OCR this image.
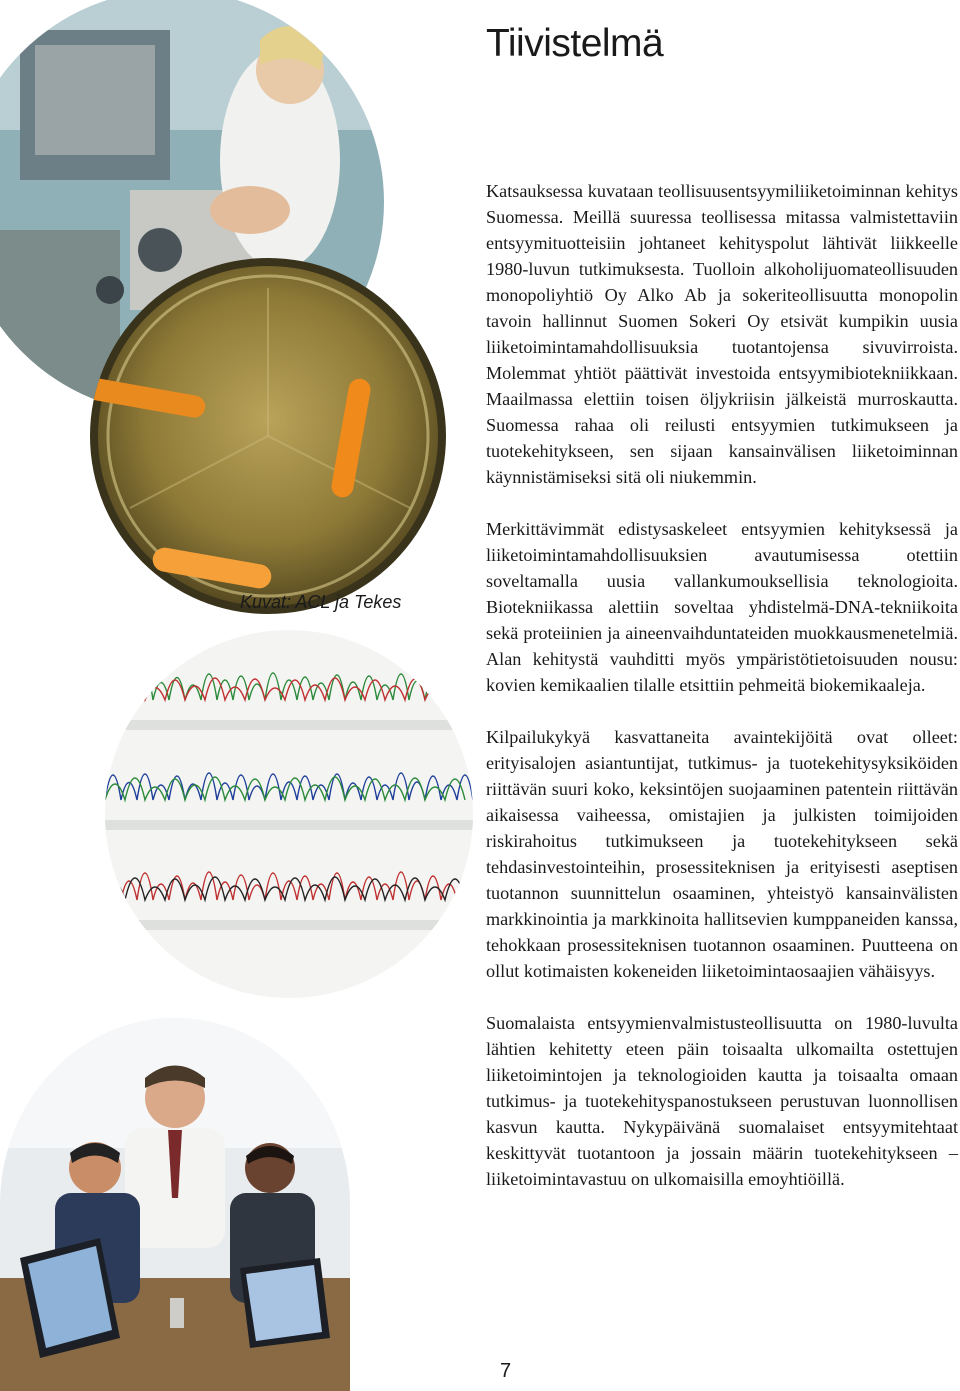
Tiivistelmä
Kuvat: ACL ja Tekes

Katsauksessa kuvataan teollisuusentsyymiliiketoiminnan kehitys Suomessa. Meillä suuressa teollisessa mitassa valmistettaviin entsyymituotteisiin johtaneet kehityspolut lähtivät liikkeelle 1980-luvun tutkimuksesta. Tuolloin alkoholijuomateollisuuden monopoliyhtiö Oy Alko Ab ja sokeriteollisuutta monopolin tavoin hallinnut Suomen Sokeri Oy etsivät kumpikin uusia liiketoimintamahdollisuuksia tuotantojensa sivuvirroista. Molemmat yhtiöt päättivät investoida entsyymibiotekniikkaan. Maailmassa elettiin toisen öljykriisin jälkeistä murroskautta. Suomessa rahaa oli reilusti entsyymien tutkimukseen ja tuotekehitykseen, sen sijaan kansainvälisen liiketoiminnan käynnistämiseksi sitä oli niukemmin.

Merkittävimmät edistysaskeleet entsyymien kehityksessä ja liiketoimintamahdollisuuksien avautumisessa otettiin soveltamalla uusia vallankumouksellisia teknologioita. Biotekniikassa alettiin soveltaa yhdistelmä-DNA-tekniikoita sekä proteiinien ja aineenvaihduntateiden muokkausmenetelmiä. Alan kehitystä vauhditti myös ympäristötietoisuuden nousu: kovien kemikaalien tilalle etsittiin pehmeitä biokemikaaleja.

Kilpailukykyä kasvattaneita avaintekijöitä ovat olleet: erityisalojen asiantuntijat, tutkimus- ja tuotekehitysyksiköiden riittävän suuri koko, keksintöjen suojaaminen patentein riittävän aikaisessa vaiheessa, omistajien ja julkisten toimijoiden riskirahoitus tutkimukseen ja tuotekehitykseen sekä tehdasinvestointeihin, prosessiteknisen ja erityisesti aseptisen tuotannon suunnittelun osaaminen, yhteistyö kansainvälisten markkinointia ja markkinoita hallitsevien kumppaneiden kanssa, tehokkaan prosessiteknisen tuotannon osaaminen. Puutteena on ollut kotimaisten kokeneiden liiketoimintaosaajien vähäisyys.

Suomalaista entsyymienvalmistusteollisuutta on 1980-luvulta lähtien kehitetty eteen päin toisaalta ulkomailta ostettujen liiketoimintojen ja teknologioiden kautta ja toisaalta omaan tutkimus- ja tuotekehityspanostukseen perustuvan luonnollisen kasvun kautta. Nykypäivänä suomalaiset entsyymitehtaat keskittyvät tuotantoon ja jossain määrin tuotekehitykseen – liiketoimintavastuu on ulkomaisilla emoyhtiöillä.

7
